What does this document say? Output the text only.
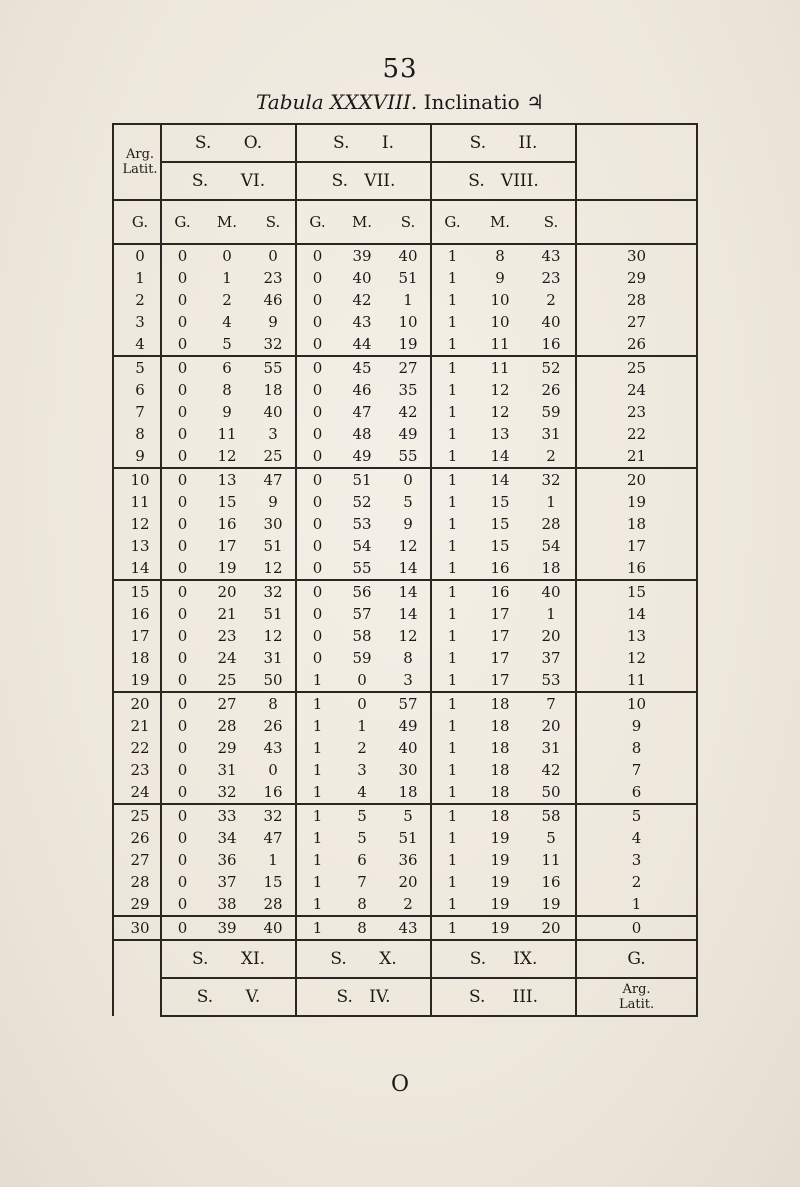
53
Tabula XXXVIII. Inclinatio ♃
Arg.
Latit.	S.      O.			S.      I.			S.      II.			
	S.      VI.			S.   VII.			S.   VIII.			
G.	G.	M.	S.	G.	M.	S.	G.	M.	S.	
0	0	0	0	0	39	40	1	8	43	30
1	0	1	23	0	40	51	1	9	23	29
2	0	2	46	0	42	1	1	10	2	28
3	0	4	9	0	43	10	1	10	40	27
4	0	5	32	0	44	19	1	11	16	26
5	0	6	55	0	45	27	1	11	52	25
6	0	8	18	0	46	35	1	12	26	24
7	0	9	40	0	47	42	1	12	59	23
8	0	11	3	0	48	49	1	13	31	22
9	0	12	25	0	49	55	1	14	2	21
10	0	13	47	0	51	0	1	14	32	20
11	0	15	9	0	52	5	1	15	1	19
12	0	16	30	0	53	9	1	15	28	18
13	0	17	51	0	54	12	1	15	54	17
14	0	19	12	0	55	14	1	16	18	16
15	0	20	32	0	56	14	1	16	40	15
16	0	21	51	0	57	14	1	17	1	14
17	0	23	12	0	58	12	1	17	20	13
18	0	24	31	0	59	8	1	17	37	12
19	0	25	50	1	0	3	1	17	53	11
20	0	27	8	1	0	57	1	18	7	10
21	0	28	26	1	1	49	1	18	20	9
22	0	29	43	1	2	40	1	18	31	8
23	0	31	0	1	3	30	1	18	42	7
24	0	32	16	1	4	18	1	18	50	6
25	0	33	32	1	5	5	1	18	58	5
26	0	34	47	1	5	51	1	19	5	4
27	0	36	1	1	6	36	1	19	11	3
28	0	37	15	1	7	20	1	19	16	2
29	0	38	28	1	8	2	1	19	19	1
30	0	39	40	1	8	43	1	19	20	0
	S.      XI.			S.      X.			S.     IX.			G.
	S.      V.			S.   IV.			S.     III.			Arg.
Latit.
O
